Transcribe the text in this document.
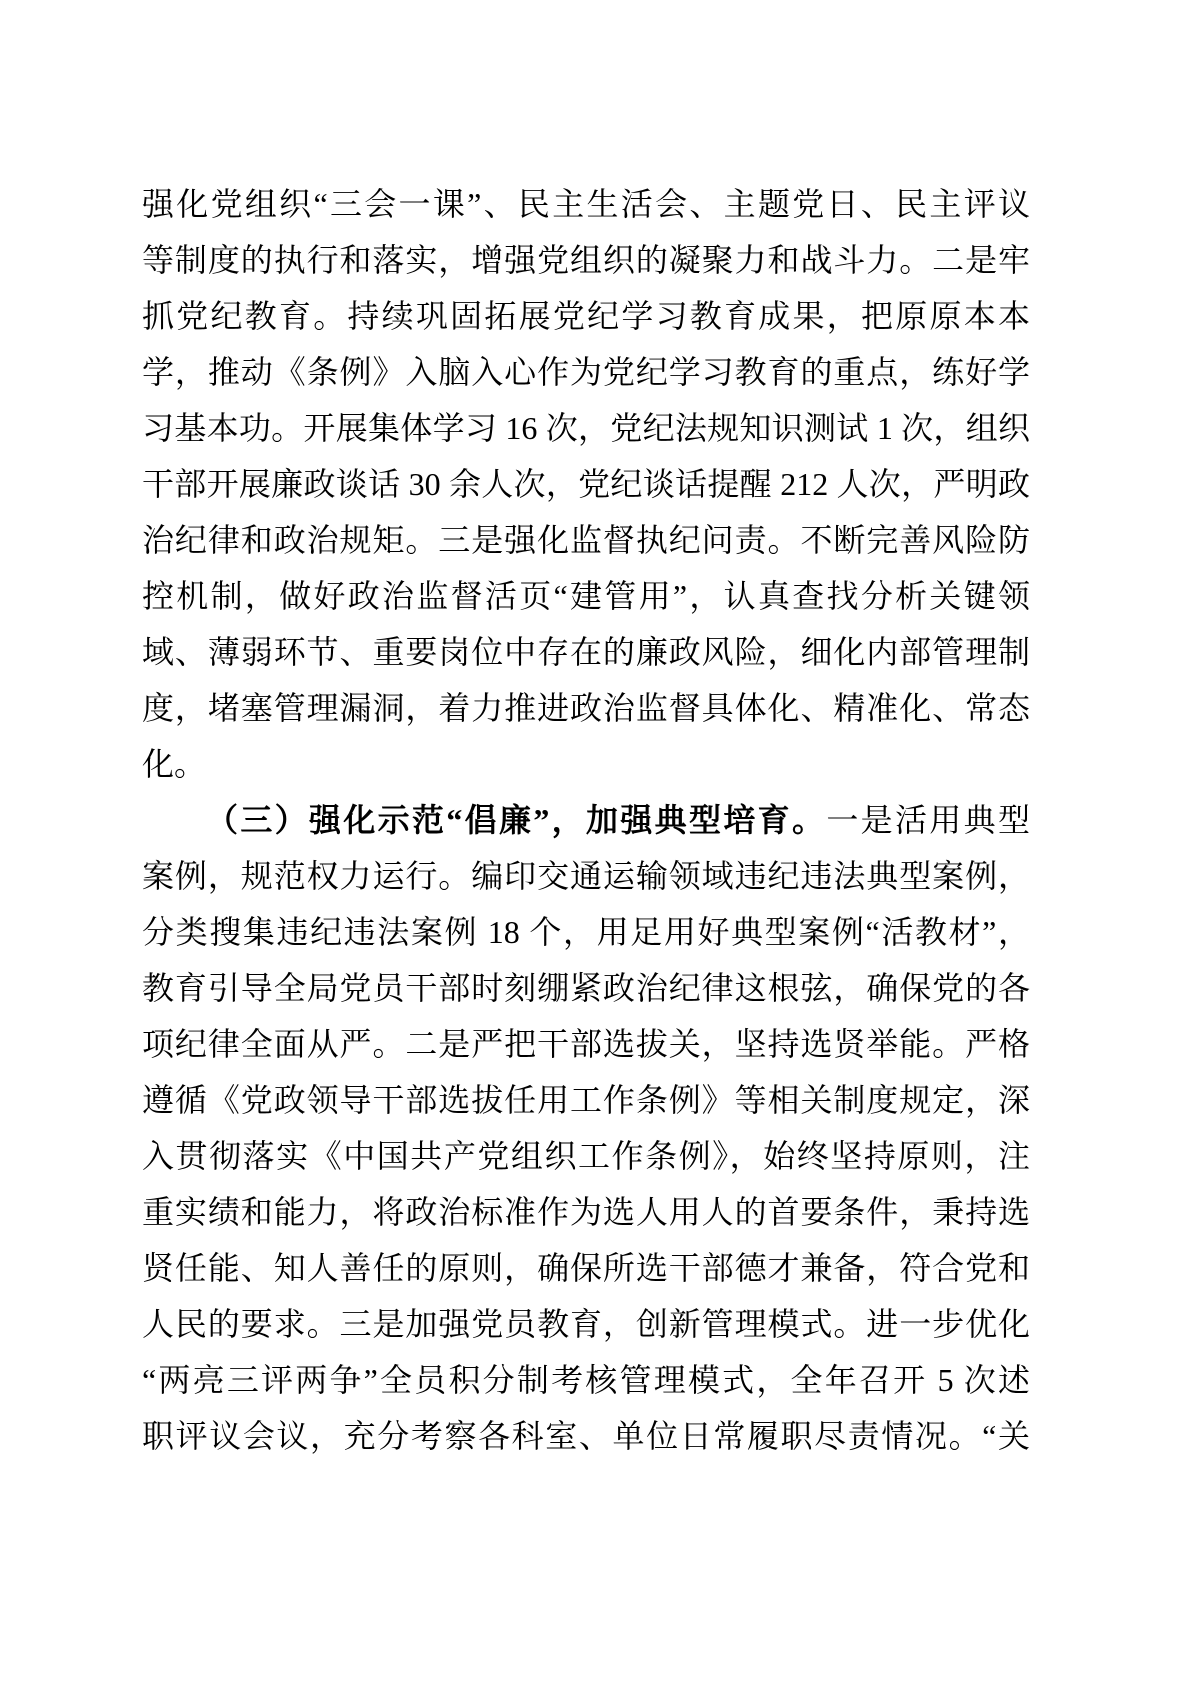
强化党组织“三会一课”、民主生活会、主题党日、民主评议
等制度的执行和落实，增强党组织的凝聚力和战斗力。二是牢
抓党纪教育。持续巩固拓展党纪学习教育成果，把原原本本
学，推动《条例》入脑入心作为党纪学习教育的重点，练好学
习基本功。开展集体学习 16 次，党纪法规知识测试 1 次，组织
干部开展廉政谈话 30 余人次，党纪谈话提醒 212 人次，严明政
治纪律和政治规矩。三是强化监督执纪问责。不断完善风险防
控机制，做好政治监督活页“建管用”，认真查找分析关键领
域、薄弱环节、重要岗位中存在的廉政风险，细化内部管理制
度，堵塞管理漏洞，着力推进政治监督具体化、精准化、常态
化。
（三）强化示范“倡廉”，加强典型培育。一是活用典型
案例，规范权力运行。编印交通运输领域违纪违法典型案例，
分类搜集违纪违法案例 18 个，用足用好典型案例“活教材”，
教育引导全局党员干部时刻绷紧政治纪律这根弦，确保党的各
项纪律全面从严。二是严把干部选拔关，坚持选贤举能。严格
遵循《党政领导干部选拔任用工作条例》等相关制度规定，深
入贯彻落实《中国共产党组织工作条例》，始终坚持原则，注
重实绩和能力，将政治标准作为选人用人的首要条件，秉持选
贤任能、知人善任的原则，确保所选干部德才兼备，符合党和
人民的要求。三是加强党员教育，创新管理模式。进一步优化
“两亮三评两争”全员积分制考核管理模式，全年召开 5 次述
职评议会议，充分考察各科室、单位日常履职尽责情况。“关
